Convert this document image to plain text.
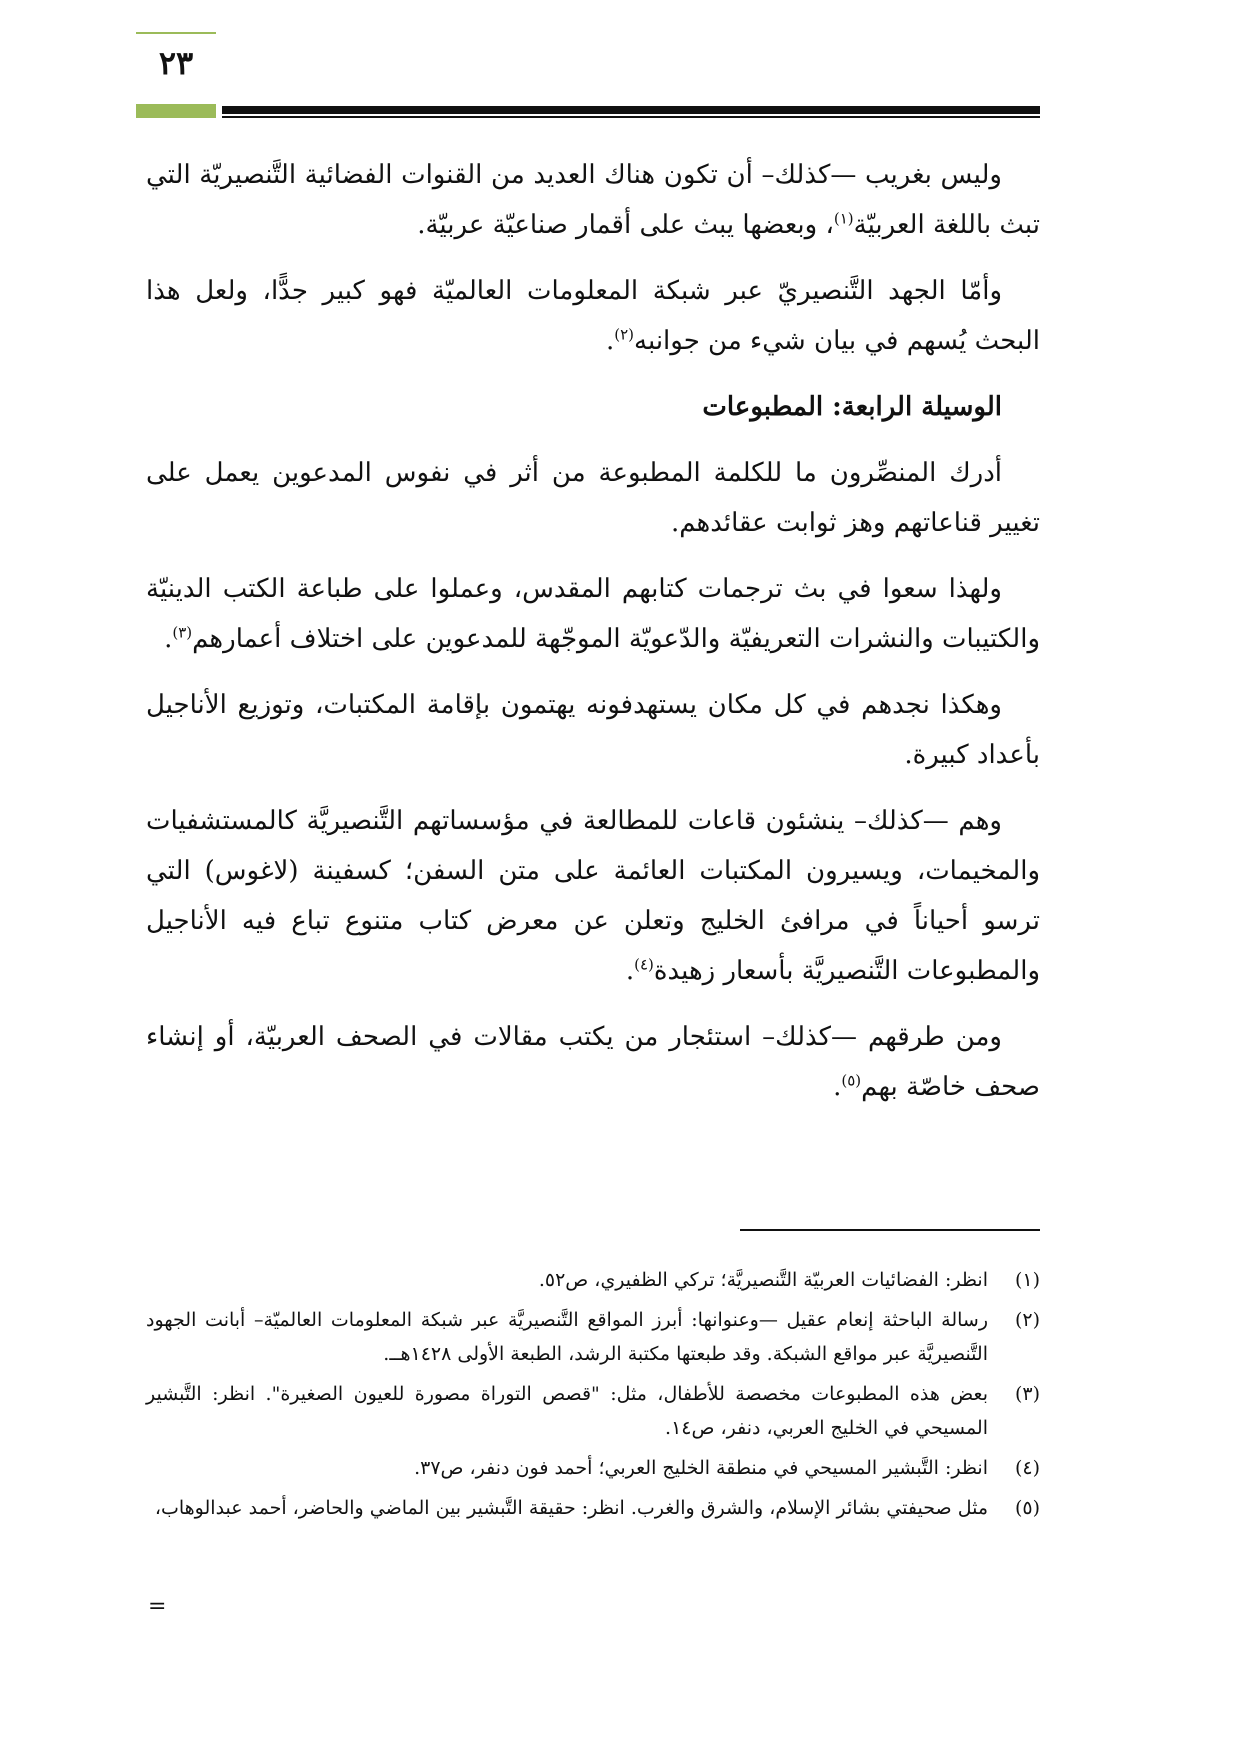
٢٣

وليس بغريب —كذلك– أن تكون هناك العديد من القنوات الفضائية التَّنصيريّة التي تبث باللغة العربيّة$^{(١)}$، وبعضها يبث على أقمار صناعيّة عربيّة.

وأمّا الجهد التَّنصيريّ عبر شبكة المعلومات العالميّة فهو كبير جدًّا، ولعل هذا البحث يُسهم في بيان شيء من جوانبه$^{(٢)}$.

الوسيلة الرابعة: المطبوعات

أدرك المنصِّرون ما للكلمة المطبوعة من أثر في نفوس المدعوين يعمل على تغيير قناعاتهم وهز ثوابت عقائدهم.

ولهذا سعوا في بث ترجمات كتابهم المقدس، وعملوا على طباعة الكتب الدينيّة والكتيبات والنشرات التعريفيّة والدّعويّة الموجّهة للمدعوين على اختلاف أعمارهم$^{(٣)}$.

وهكذا نجدهم في كل مكان يستهدفونه يهتمون بإقامة المكتبات، وتوزيع الأناجيل بأعداد كبيرة.

وهم —كذلك– ينشئون قاعات للمطالعة في مؤسساتهم التَّنصيريَّة كالمستشفيات والمخيمات، ويسيرون المكتبات العائمة على متن السفن؛ كسفينة (لاغوس) التي ترسو أحياناً في مرافئ الخليج وتعلن عن معرض كتاب متنوع تباع فيه الأناجيل والمطبوعات التَّنصيريَّة بأسعار زهيدة$^{(٤)}$.

ومن طرقهم —كذلك– استئجار من يكتب مقالات في الصحف العربيّة، أو إنشاء صحف خاصّة بهم$^{(٥)}$.

(١)
انظر: الفضائيات العربيّة التَّنصيريَّة؛ تركي الظفيري، ص٥٢.
(٢)
رسالة الباحثة إنعام عقيل —وعنوانها: أبرز المواقع التَّنصيريَّة عبر شبكة المعلومات العالميّة– أبانت الجهود التَّنصيريَّة عبر مواقع الشبكة. وقد طبعتها مكتبة الرشد، الطبعة الأولى ١٤٢٨هــ.
(٣)
بعض هذه المطبوعات مخصصة للأطفال، مثل: "قصص التوراة مصورة للعيون الصغيرة". انظر: التَّبشير المسيحي في الخليج العربي، دنفر، ص١٤.
(٤)
انظر: التَّبشير المسيحي في منطقة الخليج العربي؛ أحمد فون دنفر، ص٣٧.
(٥)
مثل صحيفتي بشائر الإسلام، والشرق والغرب. انظر: حقيقة التَّبشير بين الماضي والحاضر، أحمد عبدالوهاب،
=
